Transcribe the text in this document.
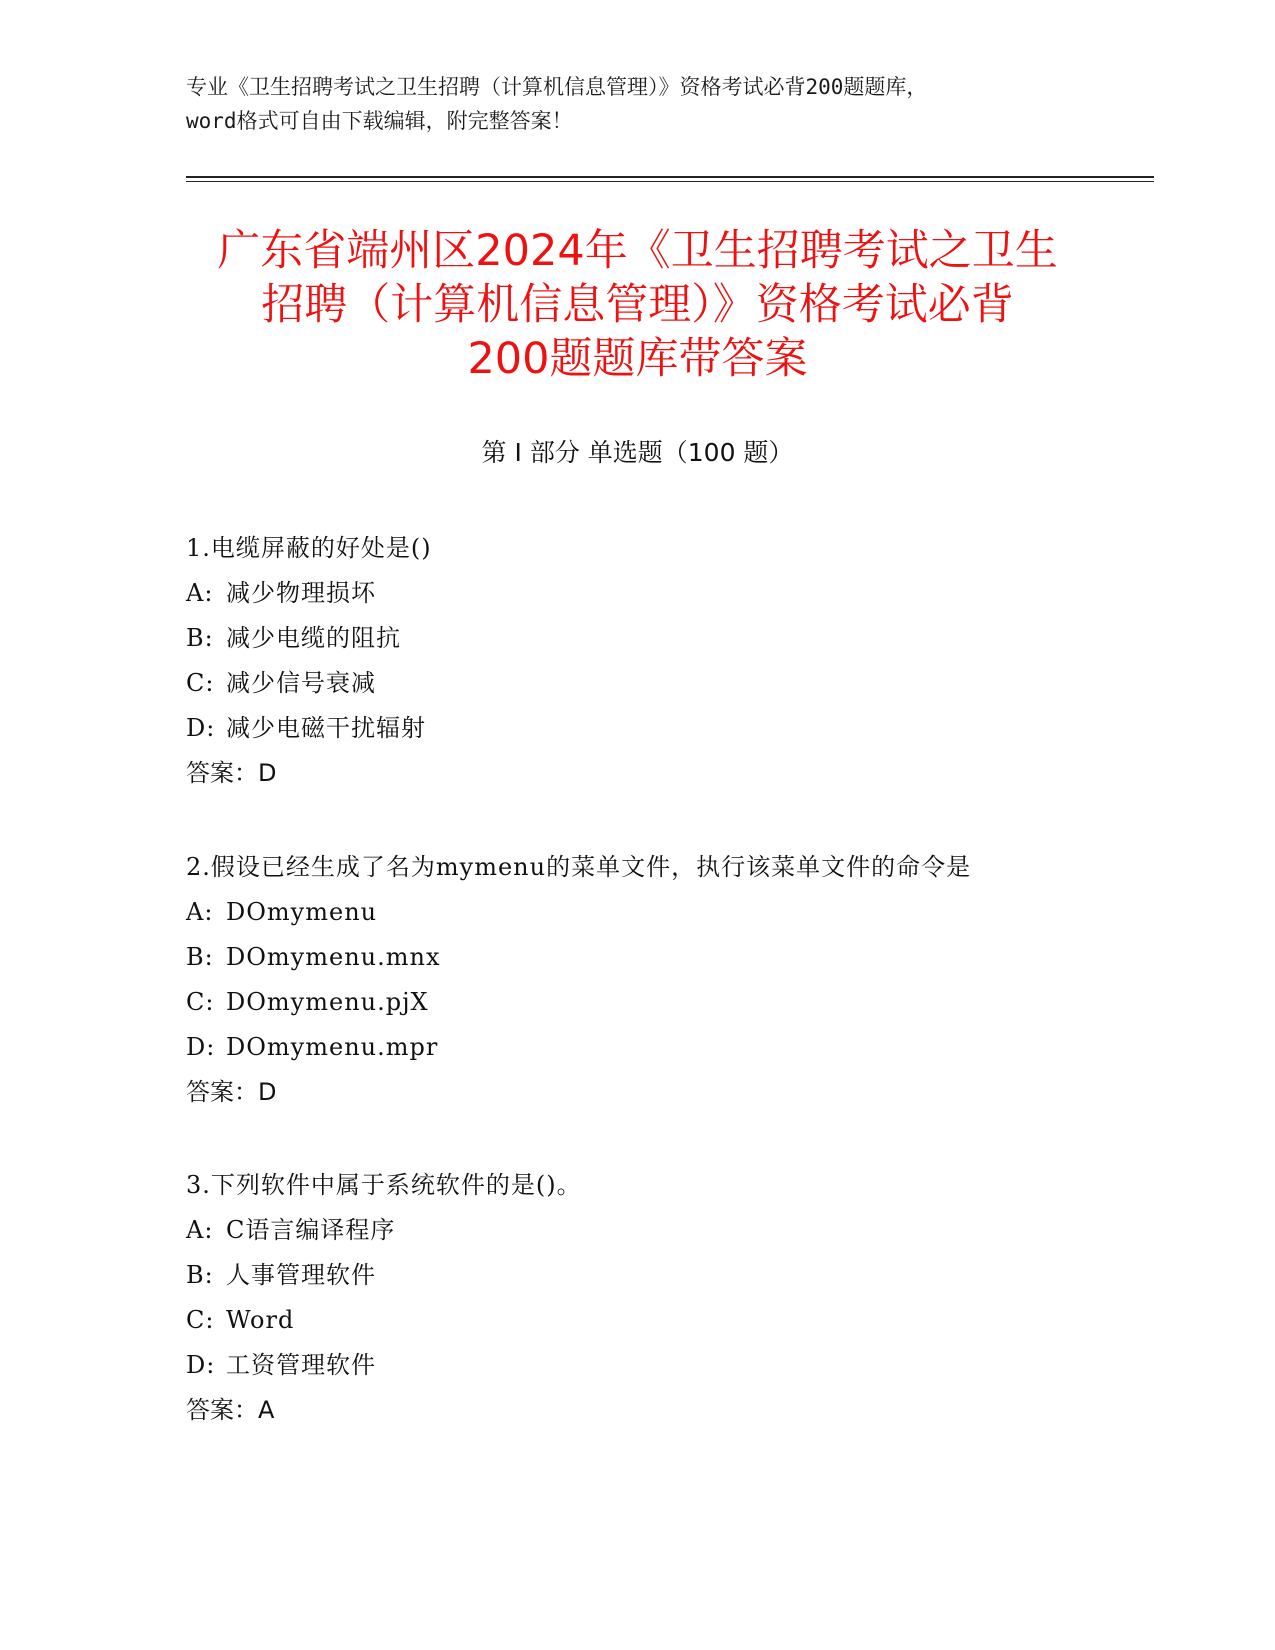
专业《卫生招聘考试之卫生招聘（计算机信息管理）》资格考试必背200题题库，
word格式可自由下载编辑，附完整答案！
广东省端州区2024年《卫生招聘考试之卫生
招聘（计算机信息管理）》资格考试必背
200题题库带答案
第 I 部分 单选题（100 题）
1.电缆屏蔽的好处是()
A: 减少物理损坏
B: 减少电缆的阻抗
C: 减少信号衰减
D: 减少电磁干扰辐射
答案：D
2.假设已经生成了名为mymenu的菜单文件，执行该菜单文件的命令是
A: DOmymenu
B: DOmymenu.mnx
C: DOmymenu.pjX
D: DOmymenu.mpr
答案：D
3.下列软件中属于系统软件的是()。
A: C语言编译程序
B: 人事管理软件
C: Word
D: 工资管理软件
答案：A
